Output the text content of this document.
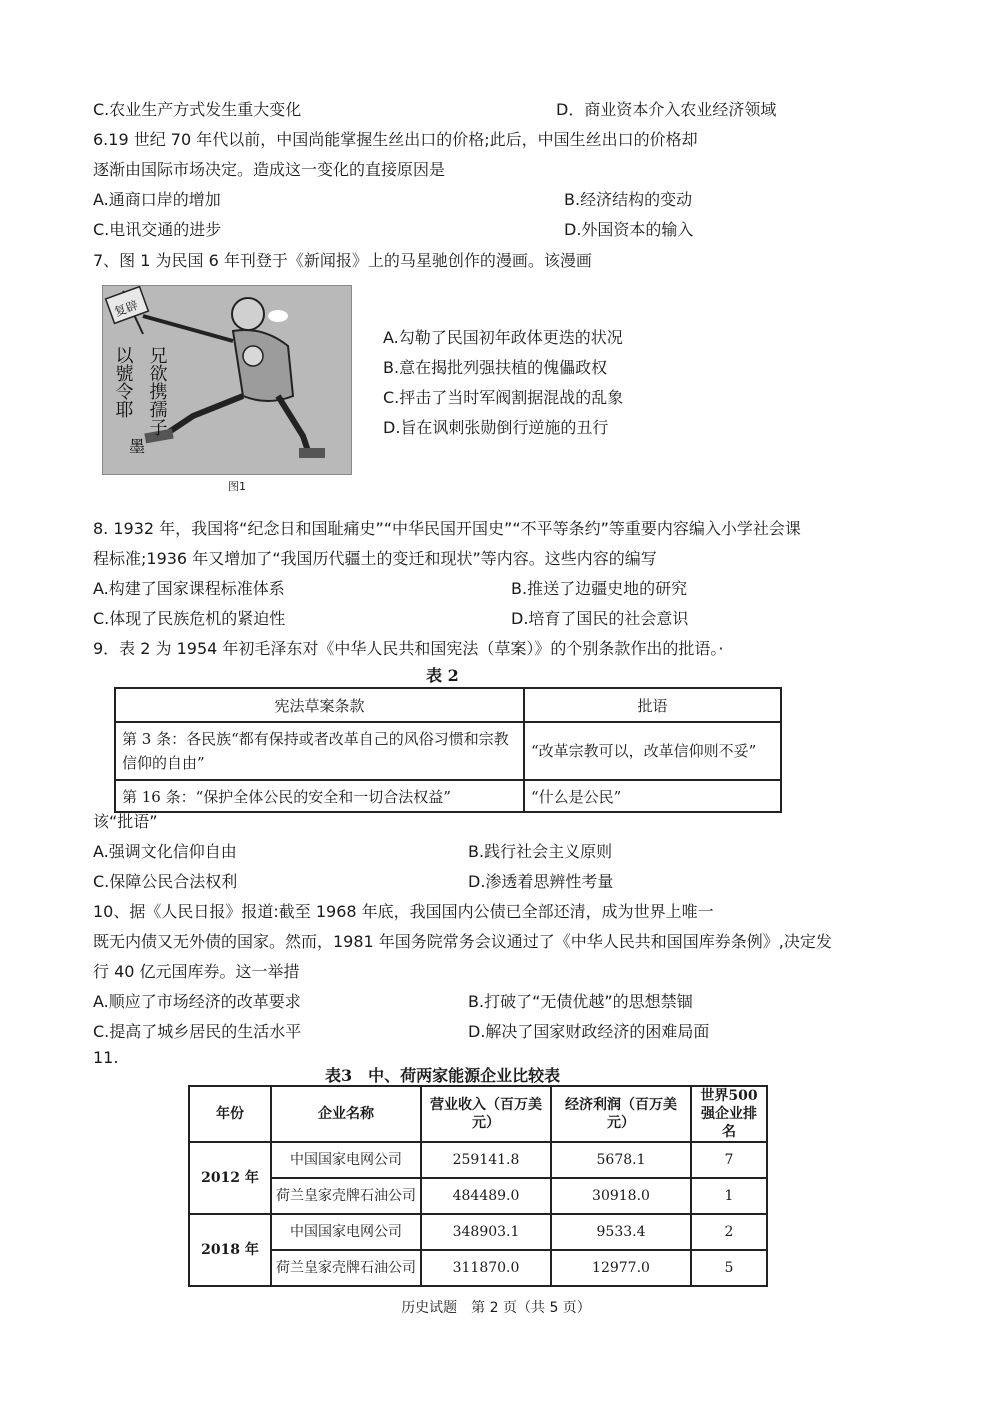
C.农业生产方式发生重大变化	D．商业资本介入农业经济领域
6.19 世纪 70 年代以前，中国尚能掌握生丝出口的价格;此后，中国生丝出口的价格却
逐渐由国际市场决定。造成这一变化的直接原因是
A.通商口岸的增加	B.经济结构的变动
C.电讯交通的进步	D.外国资本的输入
7、图 1 为民国 6 年刊登于《新闻报》上的马星驰创作的漫画。该漫画
复辟
兄欲携孺子
以號令耶
墨
图1
A.勾勒了民国初年政体更迭的状况
B.意在揭批列强扶植的傀儡政权
C.抨击了当时军阀割据混战的乱象
D.旨在讽刺张勋倒行逆施的丑行
8. 1932 年，我国将“纪念日和国耻痛史”“中华民国开国史”“不平等条约”等重要内容编入小学社会课
程标准;1936 年又增加了“我国历代疆土的变迁和现状”等内容。这些内容的编写
A.构建了国家课程标准体系	B.推送了边疆史地的研究
C.体现了民族危机的紧迫性	D.培育了国民的社会意识
9．表 2 为 1954 年初毛泽东对《中华人民共和国宪法（草案）》的个别条款作出的批语。·
表 2
宪法草案条款	批语
第 3 条：各民族“都有保持或者改革自己的风俗习惯和宗教信仰的自由”	“改革宗教可以，改革信仰则不妥”
第 16 条：“保护全体公民的安全和一切合法权益”	“什么是公民”
该“批语”
A.强调文化信仰自由	B.践行社会主义原则
C.保障公民合法权利	D.渗透着思辨性考量
10、据《人民日报》报道:截至 1968 年底，我国国内公债已全部还清，成为世界上唯一
既无内债又无外债的国家。然而，1981 年国务院常务会议通过了《中华人民共和国国库券条例》,决定发
行 40 亿元国库券。这一举措
A.顺应了市场经济的改革要求	B.打破了“无债优越”的思想禁锢
C.提高了城乡居民的生活水平	D.解决了国家财政经济的困难局面
11.
表3　中、荷两家能源企业比较表
年份	企业名称	营业收入（百万美元）	经济利润（百万美元）	世界500强企业排名
2012 年	中国国家电网公司	259141.8	5678.1	7
	荷兰皇家壳牌石油公司	484489.0	30918.0	1
2018 年	中国国家电网公司	348903.1	9533.4	2
	荷兰皇家壳牌石油公司	311870.0	12977.0	5
历史试题　第 2 页（共 5 页）
